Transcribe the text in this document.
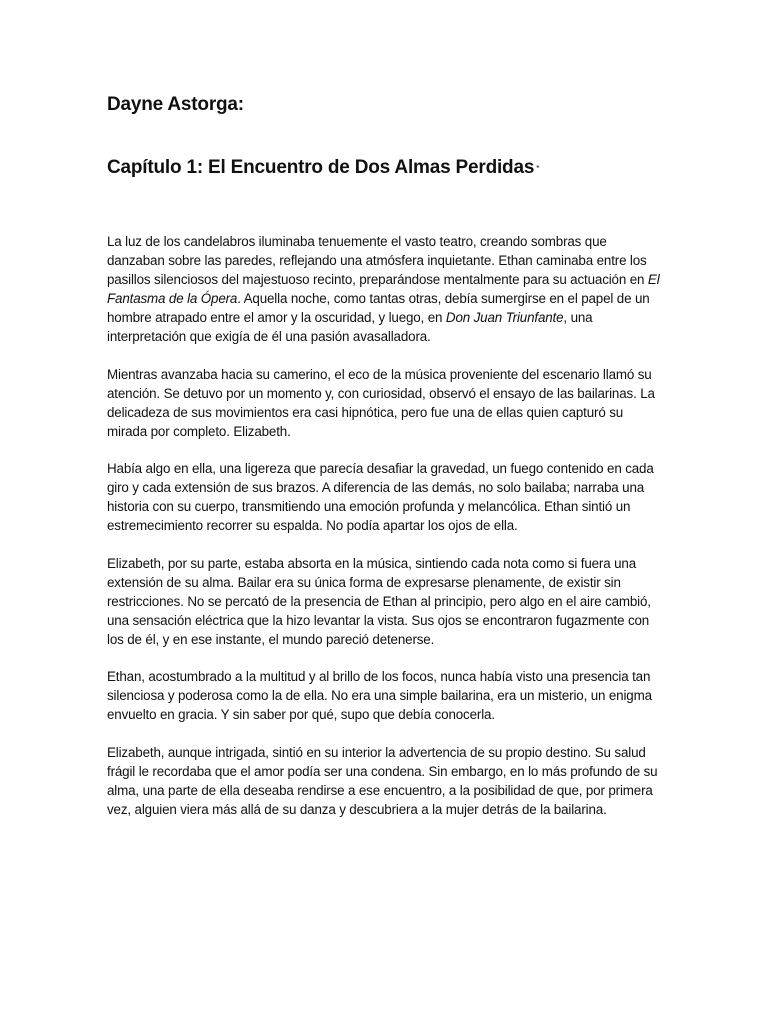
Dayne Astorga:
Capítulo 1: El Encuentro de Dos Almas Perdidas *

La luz de los candelabros iluminaba tenuemente el vasto teatro, creando sombras que danzaban sobre las paredes, reflejando una atmósfera inquietante. Ethan caminaba entre los pasillos silenciosos del majestuoso recinto, preparándose mentalmente para su actuación en El Fantasma de la Ópera. Aquella noche, como tantas otras, debía sumergirse en el papel de un hombre atrapado entre el amor y la oscuridad, y luego, en Don Juan Triunfante, una interpretación que exigía de él una pasión avasalladora.

Mientras avanzaba hacia su camerino, el eco de la música proveniente del escenario llamó su atención. Se detuvo por un momento y, con curiosidad, observó el ensayo de las bailarinas. La delicadeza de sus movimientos era casi hipnótica, pero fue una de ellas quien capturó su mirada por completo. Elizabeth.

Había algo en ella, una ligereza que parecía desafiar la gravedad, un fuego contenido en cada giro y cada extensión de sus brazos. A diferencia de las demás, no solo bailaba; narraba una historia con su cuerpo, transmitiendo una emoción profunda y melancólica. Ethan sintió un estremecimiento recorrer su espalda. No podía apartar los ojos de ella.

Elizabeth, por su parte, estaba absorta en la música, sintiendo cada nota como si fuera una extensión de su alma. Bailar era su única forma de expresarse plenamente, de existir sin restricciones. No se percató de la presencia de Ethan al principio, pero algo en el aire cambió, una sensación eléctrica que la hizo levantar la vista. Sus ojos se encontraron fugazmente con los de él, y en ese instante, el mundo pareció detenerse.

Ethan, acostumbrado a la multitud y al brillo de los focos, nunca había visto una presencia tan silenciosa y poderosa como la de ella. No era una simple bailarina, era un misterio, un enigma envuelto en gracia. Y sin saber por qué, supo que debía conocerla.

Elizabeth, aunque intrigada, sintió en su interior la advertencia de su propio destino. Su salud frágil le recordaba que el amor podía ser una condena. Sin embargo, en lo más profundo de su alma, una parte de ella deseaba rendirse a ese encuentro, a la posibilidad de que, por primera vez, alguien viera más allá de su danza y descubriera a la mujer detrás de la bailarina.
